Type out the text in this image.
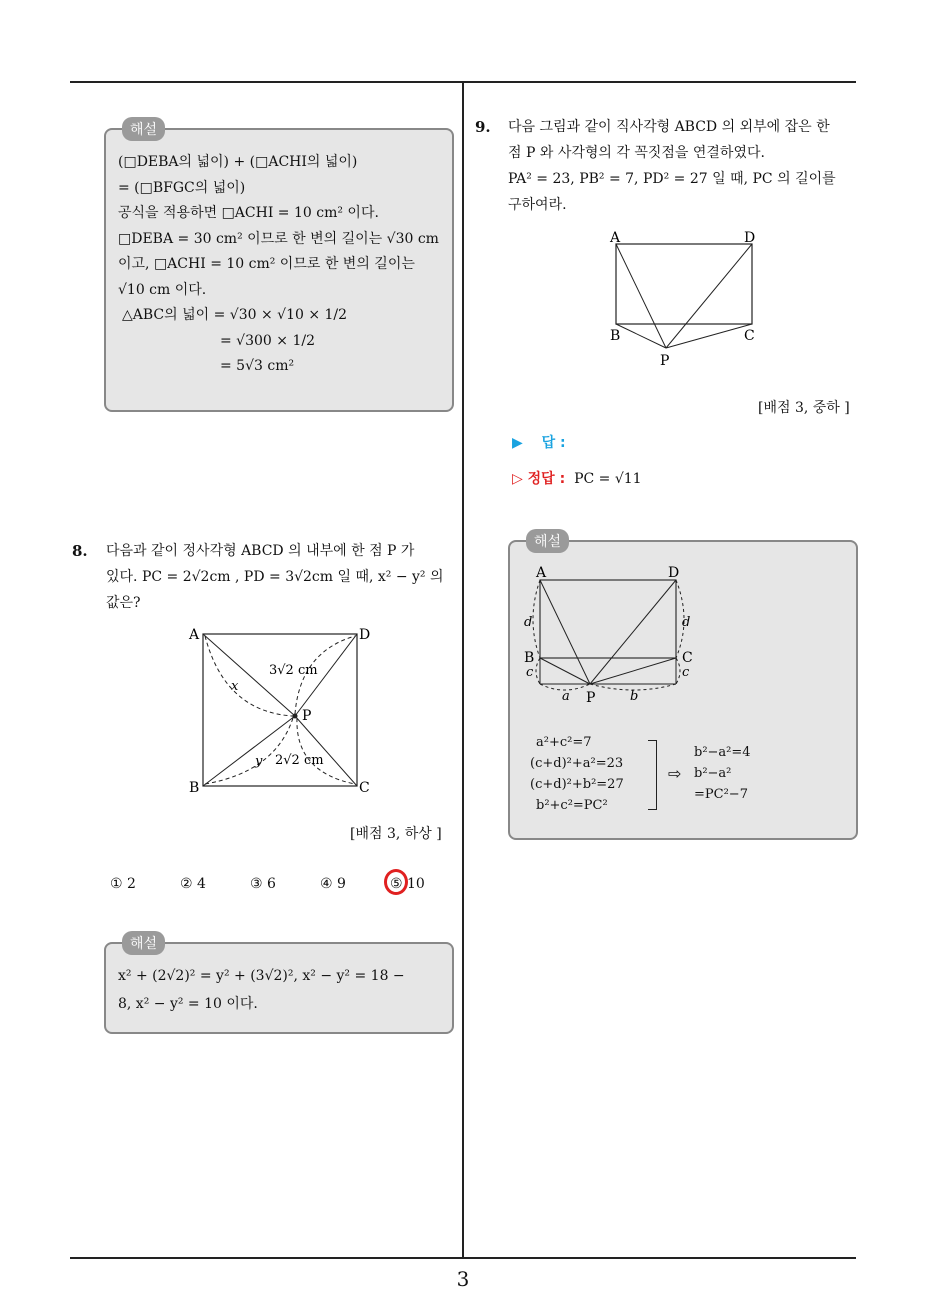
3
해설
(□DEBA의 넓이) + (□ACHI의 넓이)
= (□BFGC의 넓이)
공식을 적용하면 □ACHI = 10 cm² 이다.
□DEBA = 30 cm² 이므로 한 변의 길이는 √30 cm
이고, □ACHI = 10 cm² 이므로 한 변의 길이는
√10 cm 이다.
△ABC의 넓이 = √30 × √10 × 1/2
= √300 × 1/2
= 5√3 cm²
8. 다음과 같이 정사각형 ABCD 의 내부에 한 점 P 가
있다. PC = 2√2cm , PD = 3√2cm 일 때, x² − y² 의
값은?
A	D
B	C
P
x
y
3√2 cm
2√2 cm
[배점 3, 하상 ]
① 2	② 4	③ 6	④ 9	⑤ 10
해설
x² + (2√2)² = y² + (3√2)², x² − y² = 18 −
8, x² − y² = 10 이다.
9. 다음 그림과 같이 직사각형 ABCD 의 외부에 잡은 한
점 P 와 사각형의 각 꼭짓점을 연결하였다.
PA² = 23, PB² = 7, PD² = 27 일 때, PC 의 길이를
구하여라.
A	D
B	C
P
[배점 3, 중하 ]
▶ 답 :
▷ 정답 : PC = √11
해설
A	D
B	C
P
d	d
c	c
a	b
a²+c²=7
(c+d)²+a²=23
(c+d)²+b²=27
b²+c²=PC²
⇨
b²−a²=4
b²−a²
=PC²−7
